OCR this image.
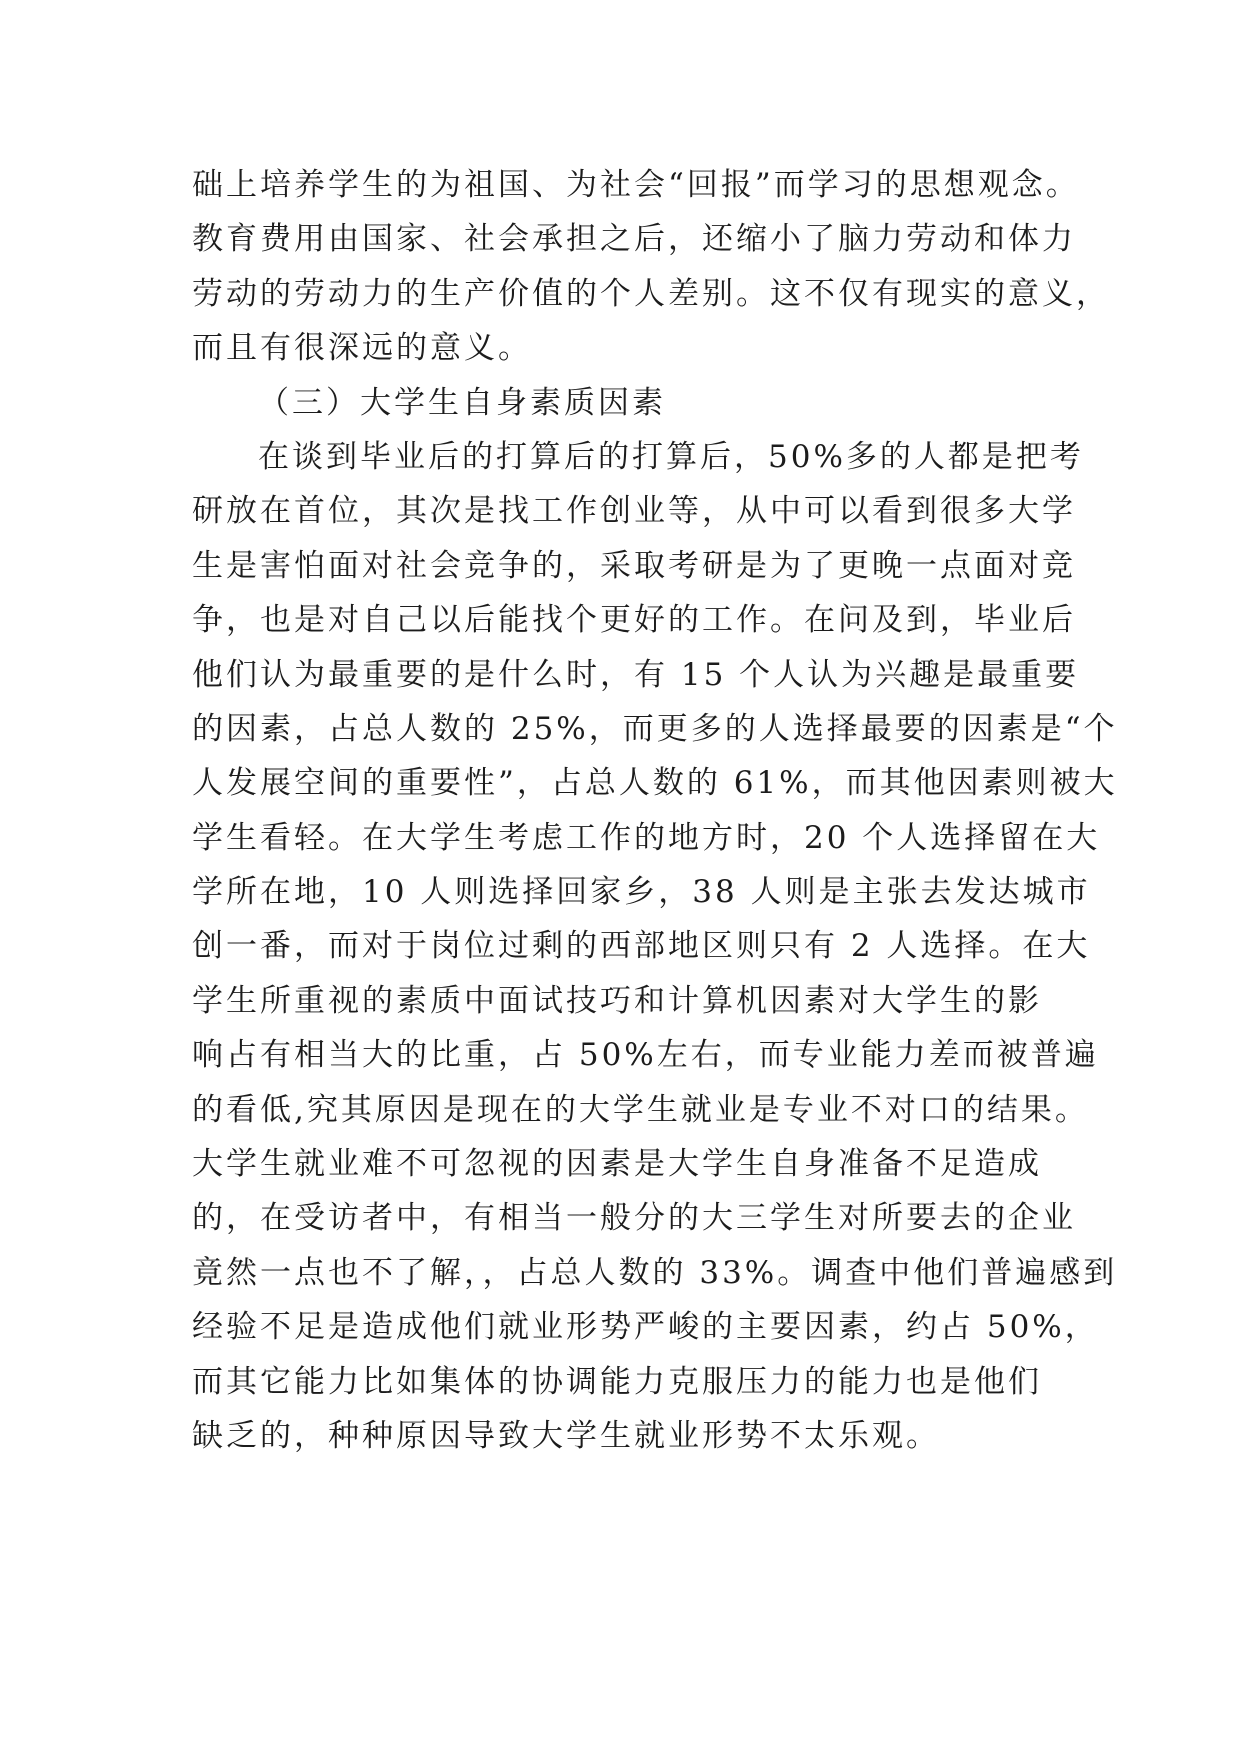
础上培养学生的为祖国、为社会“回报”而学习的思想观念。
教育费用由国家、社会承担之后，还缩小了脑力劳动和体力
劳动的劳动力的生产价值的个人差别。这不仅有现实的意义，
而且有很深远的意义。
（三）大学生自身素质因素
在谈到毕业后的打算后的打算后，50%多的人都是把考
研放在首位，其次是找工作创业等，从中可以看到很多大学
生是害怕面对社会竞争的，采取考研是为了更晚一点面对竞
争，也是对自己以后能找个更好的工作。在问及到，毕业后
他们认为最重要的是什么时，有 15 个人认为兴趣是最重要
的因素，占总人数的 25%，而更多的人选择最要的因素是“个
人发展空间的重要性”，占总人数的 61%，而其他因素则被大
学生看轻。在大学生考虑工作的地方时，20 个人选择留在大
学所在地，10 人则选择回家乡，38 人则是主张去发达城市
创一番，而对于岗位过剩的西部地区则只有 2 人选择。在大
学生所重视的素质中面试技巧和计算机因素对大学生的影
响占有相当大的比重，占 50%左右，而专业能力差而被普遍
的看低,究其原因是现在的大学生就业是专业不对口的结果。
大学生就业难不可忽视的因素是大学生自身准备不足造成
的，在受访者中，有相当一般分的大三学生对所要去的企业
竟然一点也不了解，，占总人数的 33%。调查中他们普遍感到
经验不足是造成他们就业形势严峻的主要因素，约占 50%，
而其它能力比如集体的协调能力克服压力的能力也是他们
缺乏的，种种原因导致大学生就业形势不太乐观。
